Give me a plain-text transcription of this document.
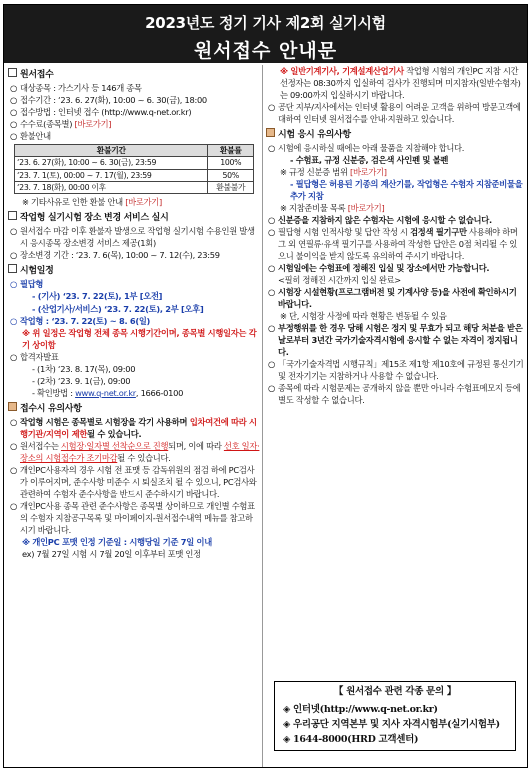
2023년도 정기 기사 제2회 실기시험
원서접수 안내문
원서접수
○ 대상종목 : 가스기사 등 146개 종목
○ 접수기간 : ‘23. 6. 27(화), 10:00 ~ 6. 30(금), 18:00
○ 접수방법 : 인터넷 접수 (http://www.q-net.or.kr)
○ 수수료(종목별) [바로가기]
○ 환불안내
환불기간	환불률
‘23. 6. 27(화), 10:00 ~ 6. 30(금), 23:59	100%
‘23. 7. 1(토), 00:00 ~ 7. 17(월), 23:59	50%
‘23. 7. 18(화), 00:00 이후	환불불가
※ 기타사유로 인한 환불 안내 [바로가기]
작업형 실기시험 장소 변경 서비스 실시
○ 원서접수 마감 이후 환불자 발생으로 작업형 실기시험 수용인원 발생 시 응시종목 장소변경 서비스 제공(1회)
○ 장소변경 기간 : ‘23. 7. 6(목), 10:00 ~ 7. 12(수), 23:59
시험일정
○ 필답형
- (기사) ‘23. 7. 22(토), 1부 [오전]
- (산업기사/서비스) ‘23. 7. 22(토), 2부 [오후]
○ 작업형 : ‘23. 7. 22(토) ~ 8. 6(일)
※ 위 일정은 작업형 전체 종목 시행기간이며, 종목별 시행일자는 각기 상이함
○ 합격자발표
- (1차) ‘23. 8. 17(목), 09:00
- (2차) ‘23. 9. 1(금), 09:00
- 확인방법 : www.q-net.or.kr, 1666-0100
접수시 유의사항
○ 작업형 시험은 종목별로 시험장을 각기 사용하며 입차여건에 따라 시행기관/지역이 제한될 수 있습니다.
○ 원서접수는 시험장·일자별 선착순으로 진행되며, 이에 따라 선호 일자·장소의 시험접수가 조기마감될 수 있습니다.
○ 개인PC사용자의 경우 시험 전 표맷 등 감독위원의 점검 하에 PC검사가 이루어지며, 준수사항 미준수 시 퇴실조치 될 수 있으니, PC검사와 관련하여 수험자 준수사항을 반드시 준수하시기 바랍니다.
○ 개인PC사용 종목 관련 준수사항은 종목별 상이하므로 개인별 수험표의 수험자 지참공구목록 및 마이페이지-원서접수내역 메뉴를 참고하시기 바랍니다.
※ 개인PC 포맷 인정 기준일 : 시행당일 기준 7일 이내
ex) 7월 27일 시험 시 7월 20일 이후부터 포맷 인정
※ 일반기계기사, 기계설계산업기사 작업형 시험의 개인PC 지참 시간 선정자는 08:30까지 입실하여 검사가 진행되며 미지참자(일반수험자)는 09:00까지 입실하시기 바랍니다.
○ 공단 지부/지사에서는 인터넷 활용이 어려운 고객을 위하여 방문고객에 대하여 인터넷 원서접수를 안내·지원하고 있습니다.
시험 응시 유의사항
○ 시험에 응시하실 때에는 아래 물품을 지참해야 합니다.
- 수험표, 규정 신분증, 검은색 사인펜 및 볼펜
※ 규정 신분증 범위 [바로가기]
- 필답형은 허용된 기종의 계산기를, 작업형은 수험자 지참준비물을 추가 지참
※ 지참준비물 목록 [바로가기]
○ 신분증을 지참하지 않은 수험자는 시험에 응시할 수 없습니다.
○ 필답형 시험 인적사항 및 답안 작성 시 검정색 필기구만 사용해야 하며 그 외 연필류·유색 필기구를 사용하여 작성한 답안은 0점 처리될 수 있으니 불이익을 받지 않도록 유의하여 주시기 바랍니다.
○ 시험일에는 수험표에 정해진 입실 및 장소에서만 가능합니다.
<필히 정해진 시간까지 입실 완료>
○ 시험장 시설현황(프로그램버전 및 기계사양 등)을 사전에 확인하시기 바랍니다.
※ 단, 시험장 사정에 따라 현황은 변동될 수 있음
○ 부정행위를 한 경우 당해 시험은 정지 및 무효가 되고 해당 처분을 받은 날로부터 3년간 국가기술자격시험에 응시할 수 없는 자격이 정지됩니다.
○ 「국가기술자격법 시행규칙」제15조 제1항 제10호에 규정된 통신기기 및 전자기기는 지참하거나 사용할 수 없습니다.
○ 종목에 따라 시험문제는 공개하지 않을 뿐만 아니라 수험표메모지 등에 별도 작성할 수 없습니다.
【 원서접수 관련 각종 문의 】
◈ 인터넷(http://www.q-net.or.kr)
◈ 우리공단 지역본부 및 지사 자격시험부(실기시험부)
◈ 1644-8000(HRD 고객센터)
